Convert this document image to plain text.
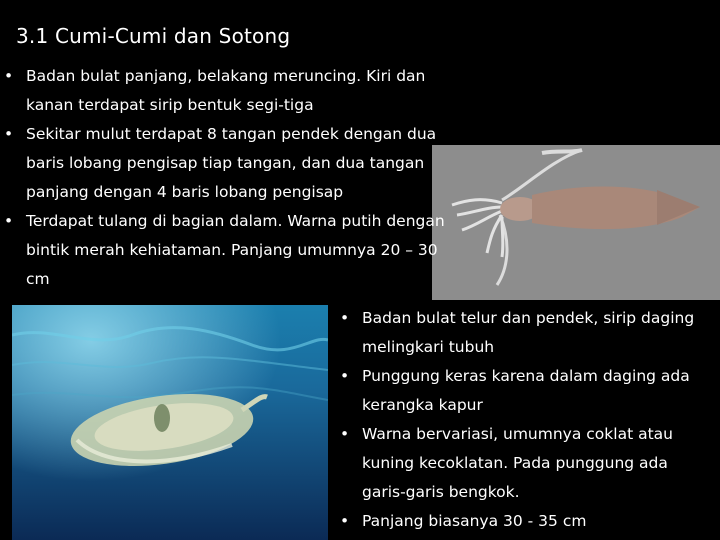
3.1 Cumi-Cumi dan Sotong
• Badan bulat panjang, belakang meruncing. Kiri dan kanan terdapat sirip bentuk segi-tiga
• Sekitar mulut terdapat 8 tangan pendek dengan dua baris lobang pengisap tiap tangan, dan dua tangan panjang dengan 4 baris lobang pengisap
• Terdapat tulang di bagian dalam. Warna putih dengan bintik merah kehiataman. Panjang umumnya 20 – 30 cm
• Badan bulat telur dan pendek, sirip daging melingkari tubuh
• Punggung keras karena dalam daging ada kerangka kapur
• Warna bervariasi, umumnya coklat atau kuning kecoklatan. Pada punggung ada garis-garis bengkok.
• Panjang biasanya 30 - 35 cm
